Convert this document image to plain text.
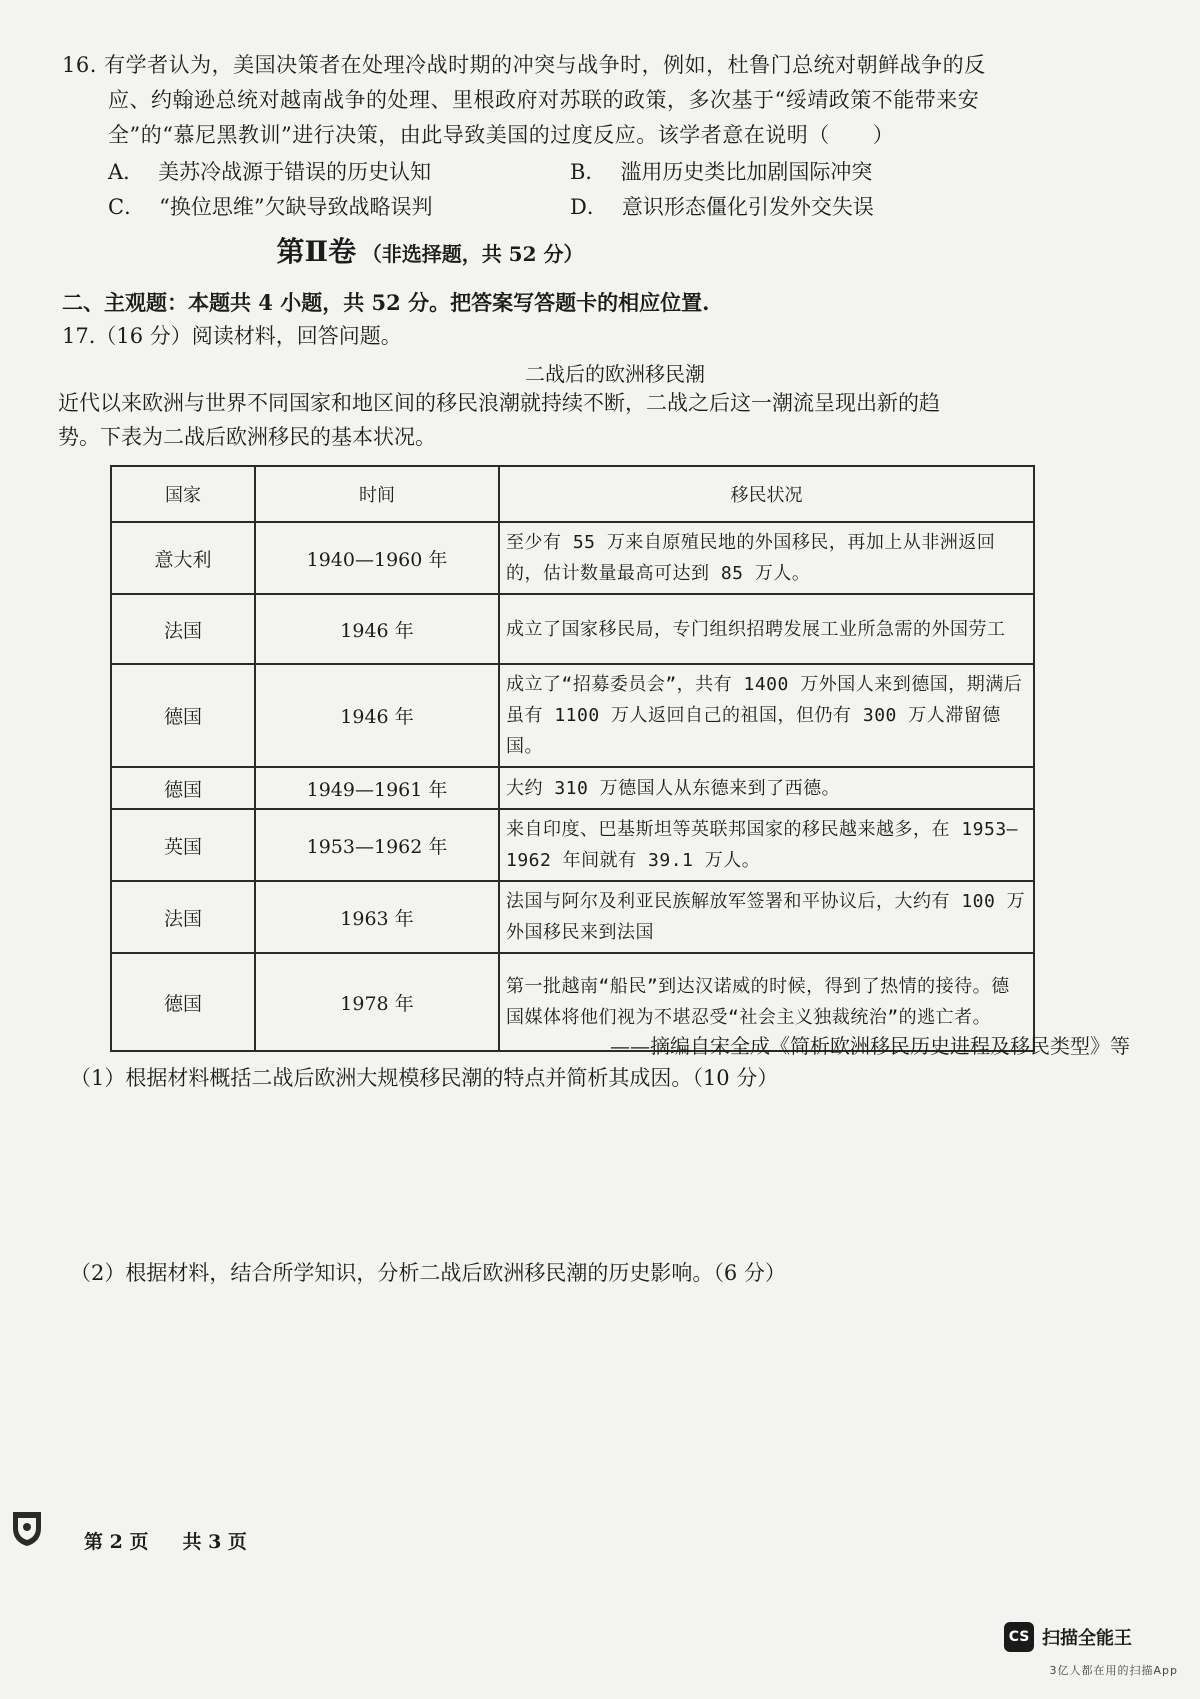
16. 有学者认为，美国决策者在处理冷战时期的冲突与战争时，例如，杜鲁门总统对朝鲜战争的反
应、约翰逊总统对越南战争的处理、里根政府对苏联的政策，多次基于“绥靖政策不能带来安
全”的“慕尼黑教训”进行决策，由此导致美国的过度反应。该学者意在说明（　　）
A． 美苏冷战源于错误的历史认知	B． 滥用历史类比加剧国际冲突
C． “换位思维”欠缺导致战略误判	D． 意识形态僵化引发外交失误
第Ⅱ卷 （非选择题，共 52 分）
二、主观题：本题共 4 小题，共 52 分。把答案写答题卡的相应位置.
17.（16 分）阅读材料，回答问题。
二战后的欧洲移民潮
近代以来欧洲与世界不同国家和地区间的移民浪潮就持续不断，二战之后这一潮流呈现出新的趋
势。下表为二战后欧洲移民的基本状况。
国家	时间	移民状况
意大利	1940—1960 年	至少有 55 万来自原殖民地的外国移民，再加上从非洲返回的，估计数量最高可达到 85 万人。
法国	1946 年	成立了国家移民局，专门组织招聘发展工业所急需的外国劳工
德国	1946 年	成立了“招募委员会”，共有 1400 万外国人来到德国，期满后虽有 1100 万人返回自己的祖国，但仍有 300 万人滞留德国。
德国	1949—1961 年	大约 310 万德国人从东德来到了西德。
英国	1953—1962 年	来自印度、巴基斯坦等英联邦国家的移民越来越多，在 1953—1962 年间就有 39.1 万人。
法国	1963 年	法国与阿尔及利亚民族解放军签署和平协议后，大约有 100 万外国移民来到法国
德国	1978 年	第一批越南“船民”到达汉诺威的时候，得到了热情的接待。德国媒体将他们视为不堪忍受“社会主义独裁统治”的逃亡者。
——摘编自宋全成《简析欧洲移民历史进程及移民类型》等
（1）根据材料概括二战后欧洲大规模移民潮的特点并简析其成因。（10 分）
（2）根据材料，结合所学知识，分析二战后欧洲移民潮的历史影响。（6 分）
第 2 页 共 3 页
CS 扫描全能王
3亿人都在用的扫描App
